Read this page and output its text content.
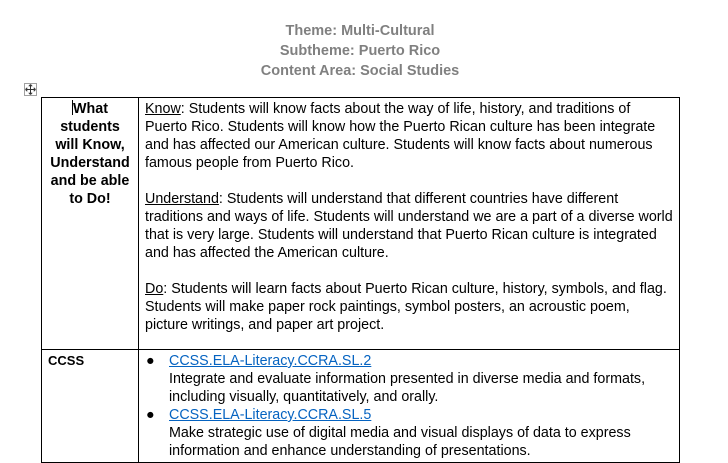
Theme: Multi-Cultural
Subtheme: Puerto Rico
Content Area: Social Studies
What students will Know, Understand and be able to Do!	Know: Students will know facts about the way of life, history, and traditions of Puerto Rico. Students will know how the Puerto Rican culture has been integrate and has affected our American culture. Students will know facts about numerous famous people from Puerto Rico.

Understand: Students will understand that different countries have different traditions and ways of life. Students will understand we are a part of a diverse world that is very large. Students will understand that Puerto Rican culture is integrated and has affected the American culture.

Do: Students will learn facts about Puerto Rican culture, history, symbols, and flag. Students will make paper rock paintings, symbol posters, an acroustic poem, picture writings, and paper art project.

CCSS	● CCSS.ELA-Literacy.CCRA.SL.2
Integrate and evaluate information presented in diverse media and formats, including visually, quantitatively, and orally.
● CCSS.ELA-Literacy.CCRA.SL.5
Make strategic use of digital media and visual displays of data to express information and enhance understanding of presentations.
